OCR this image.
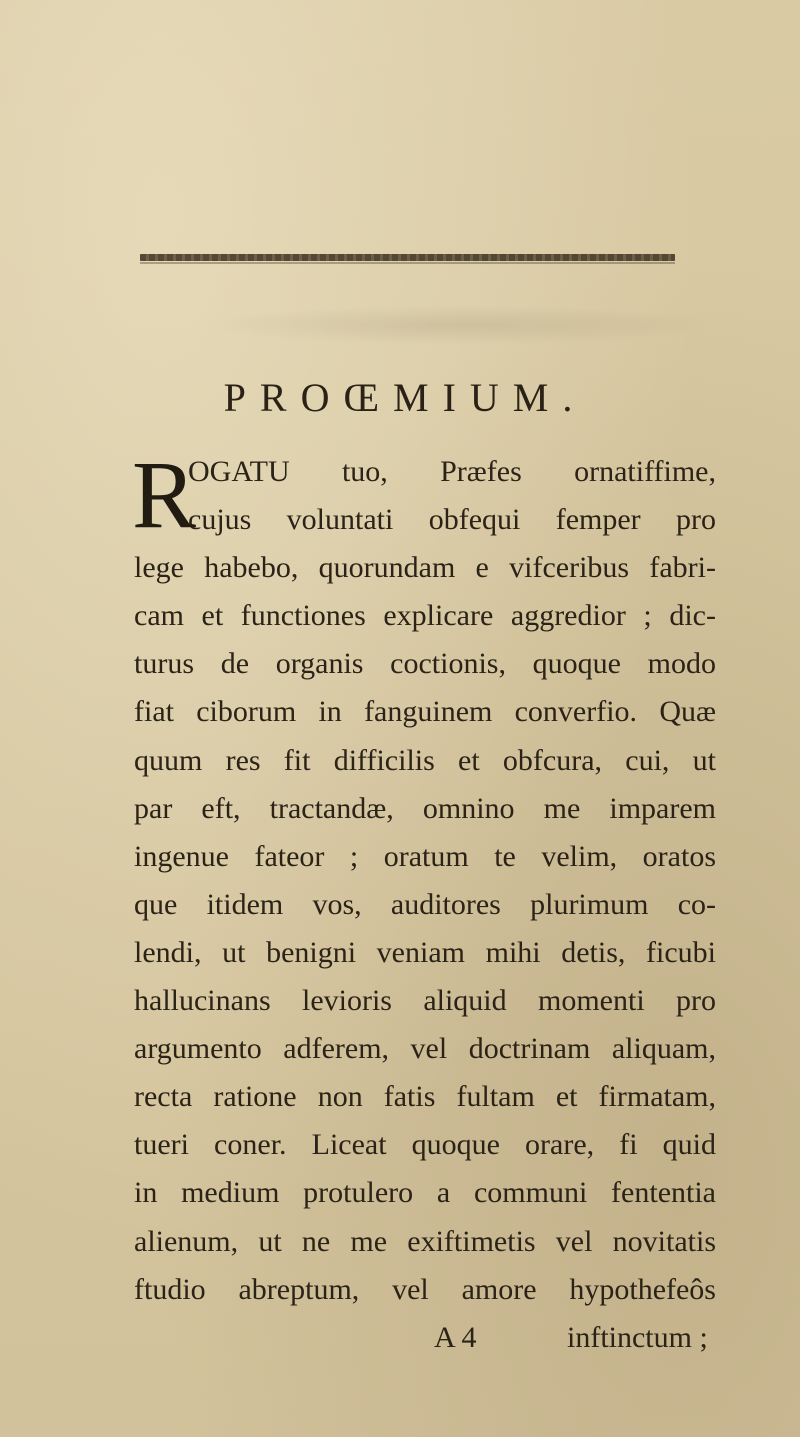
PROŒMIUM.
R
OGATU tuo, Præfes ornatiffime,
cujus voluntati obfequi femper pro
lege habebo, quorundam e vifceribus fabri-
cam et functiones explicare aggredior ; dic-
turus de organis coctionis, quoque modo
fiat ciborum in fanguinem converfio. Quæ
quum res fit difficilis et obfcura, cui, ut
par eft, tractandæ, omnino me imparem
ingenue fateor ; oratum te velim, oratos
que itidem vos, auditores plurimum co-
lendi, ut benigni veniam mihi detis, ficubi
hallucinans levioris aliquid momenti pro
argumento adferem, vel doctrinam aliquam,
recta ratione non fatis fultam et firmatam,
tueri coner. Liceat quoque orare, fi quid
in medium protulero a communi fententia
alienum, ut ne me exiftimetis vel novitatis
ftudio abreptum, vel amore hypothefeôs
A 4	inftinctum ;
